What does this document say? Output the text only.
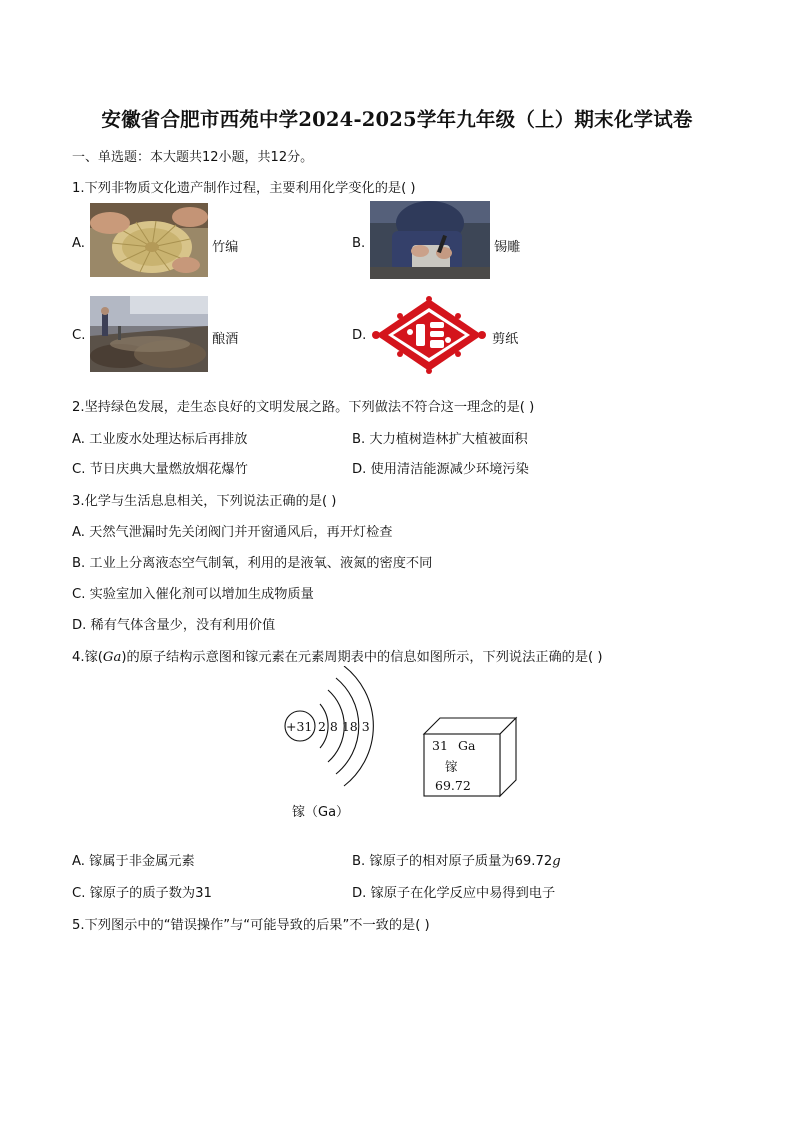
安徽省合肥市西苑中学2024-2025学年九年级（上）期末化学试卷
一、单选题：本大题共12小题，共12分。
1.下列非物质文化遗产制作过程，主要利用化学变化的是( )
A.	竹编	B.	锡雕
C.	酿酒	D.	剪纸
2.坚持绿色发展，走生态良好的文明发展之路。下列做法不符合这一理念的是( )
A. 工业废水处理达标后再排放	B. 大力植树造林扩大植被面积
C. 节日庆典大量燃放烟花爆竹	D. 使用清洁能源减少环境污染
3.化学与生活息息相关，下列说法正确的是( )
A. 天然气泄漏时先关闭阀门并开窗通风后，再开灯检查
B. 工业上分离液态空气制氧，利用的是液氧、液氮的密度不同
C. 实验室加入催化剂可以增加生成物质量
D. 稀有气体含量少，没有利用价值
4.镓(Ga)的原子结构示意图和镓元素在元素周期表中的信息如图所示，下列说法正确的是( )
+31 2 8 18 3
镓（Ga）
31 Ga
镓
69.72
A. 镓属于非金属元素	B. 镓原子的相对原子质量为69.72g
C. 镓原子的质子数为31	D. 镓原子在化学反应中易得到电子
5.下列图示中的“错误操作”与“可能导致的后果”不一致的是( )
